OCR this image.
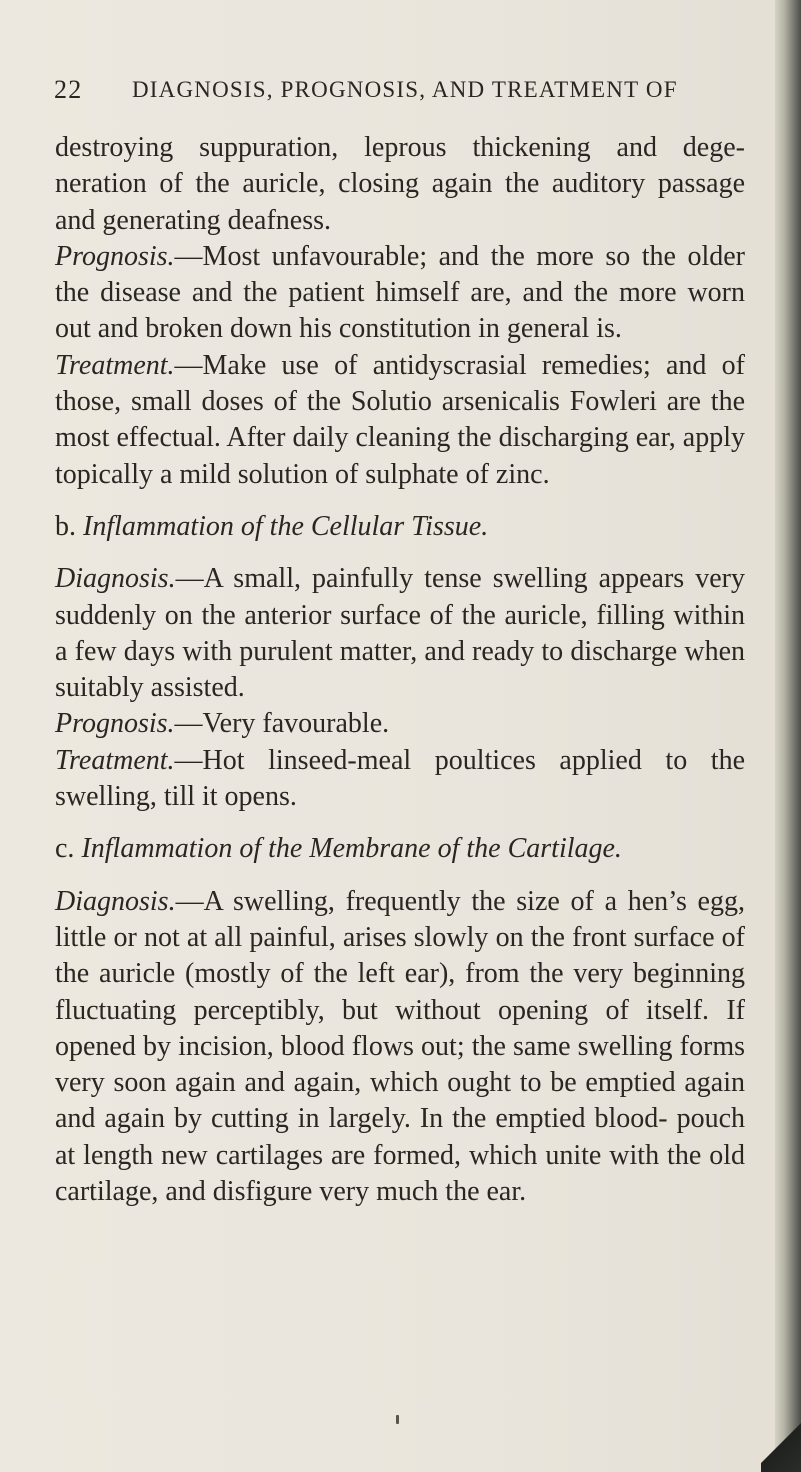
22 DIAGNOSIS, PROGNOSIS, AND TREATMENT OF

destroying suppuration, leprous thickening and dege- neration of the auricle, closing again the auditory passage and generating deafness.

Prognosis.—Most unfavourable; and the more so the older the disease and the patient himself are, and the more worn out and broken down his constitution in general is.

Treatment.—Make use of antidyscrasial remedies; and of those, small doses of the Solutio arsenicalis Fowleri are the most effectual. After daily cleaning the discharging ear, apply topically a mild solution of sulphate of zinc.

b. Inflammation of the Cellular Tissue.

Diagnosis.—A small, painfully tense swelling appears very suddenly on the anterior surface of the auricle, filling within a few days with purulent matter, and ready to discharge when suitably assisted.

Prognosis.—Very favourable.

Treatment.—Hot linseed-meal poultices applied to the swelling, till it opens.

c. Inflammation of the Membrane of the Cartilage.

Diagnosis.—A swelling, frequently the size of a hen’s egg, little or not at all painful, arises slowly on the front surface of the auricle (mostly of the left ear), from the very beginning fluctuating perceptibly, but without opening of itself. If opened by incision, blood flows out; the same swelling forms very soon again and again, which ought to be emptied again and again by cutting in largely. In the emptied blood- pouch at length new cartilages are formed, which unite with the old cartilage, and disfigure very much the ear.
